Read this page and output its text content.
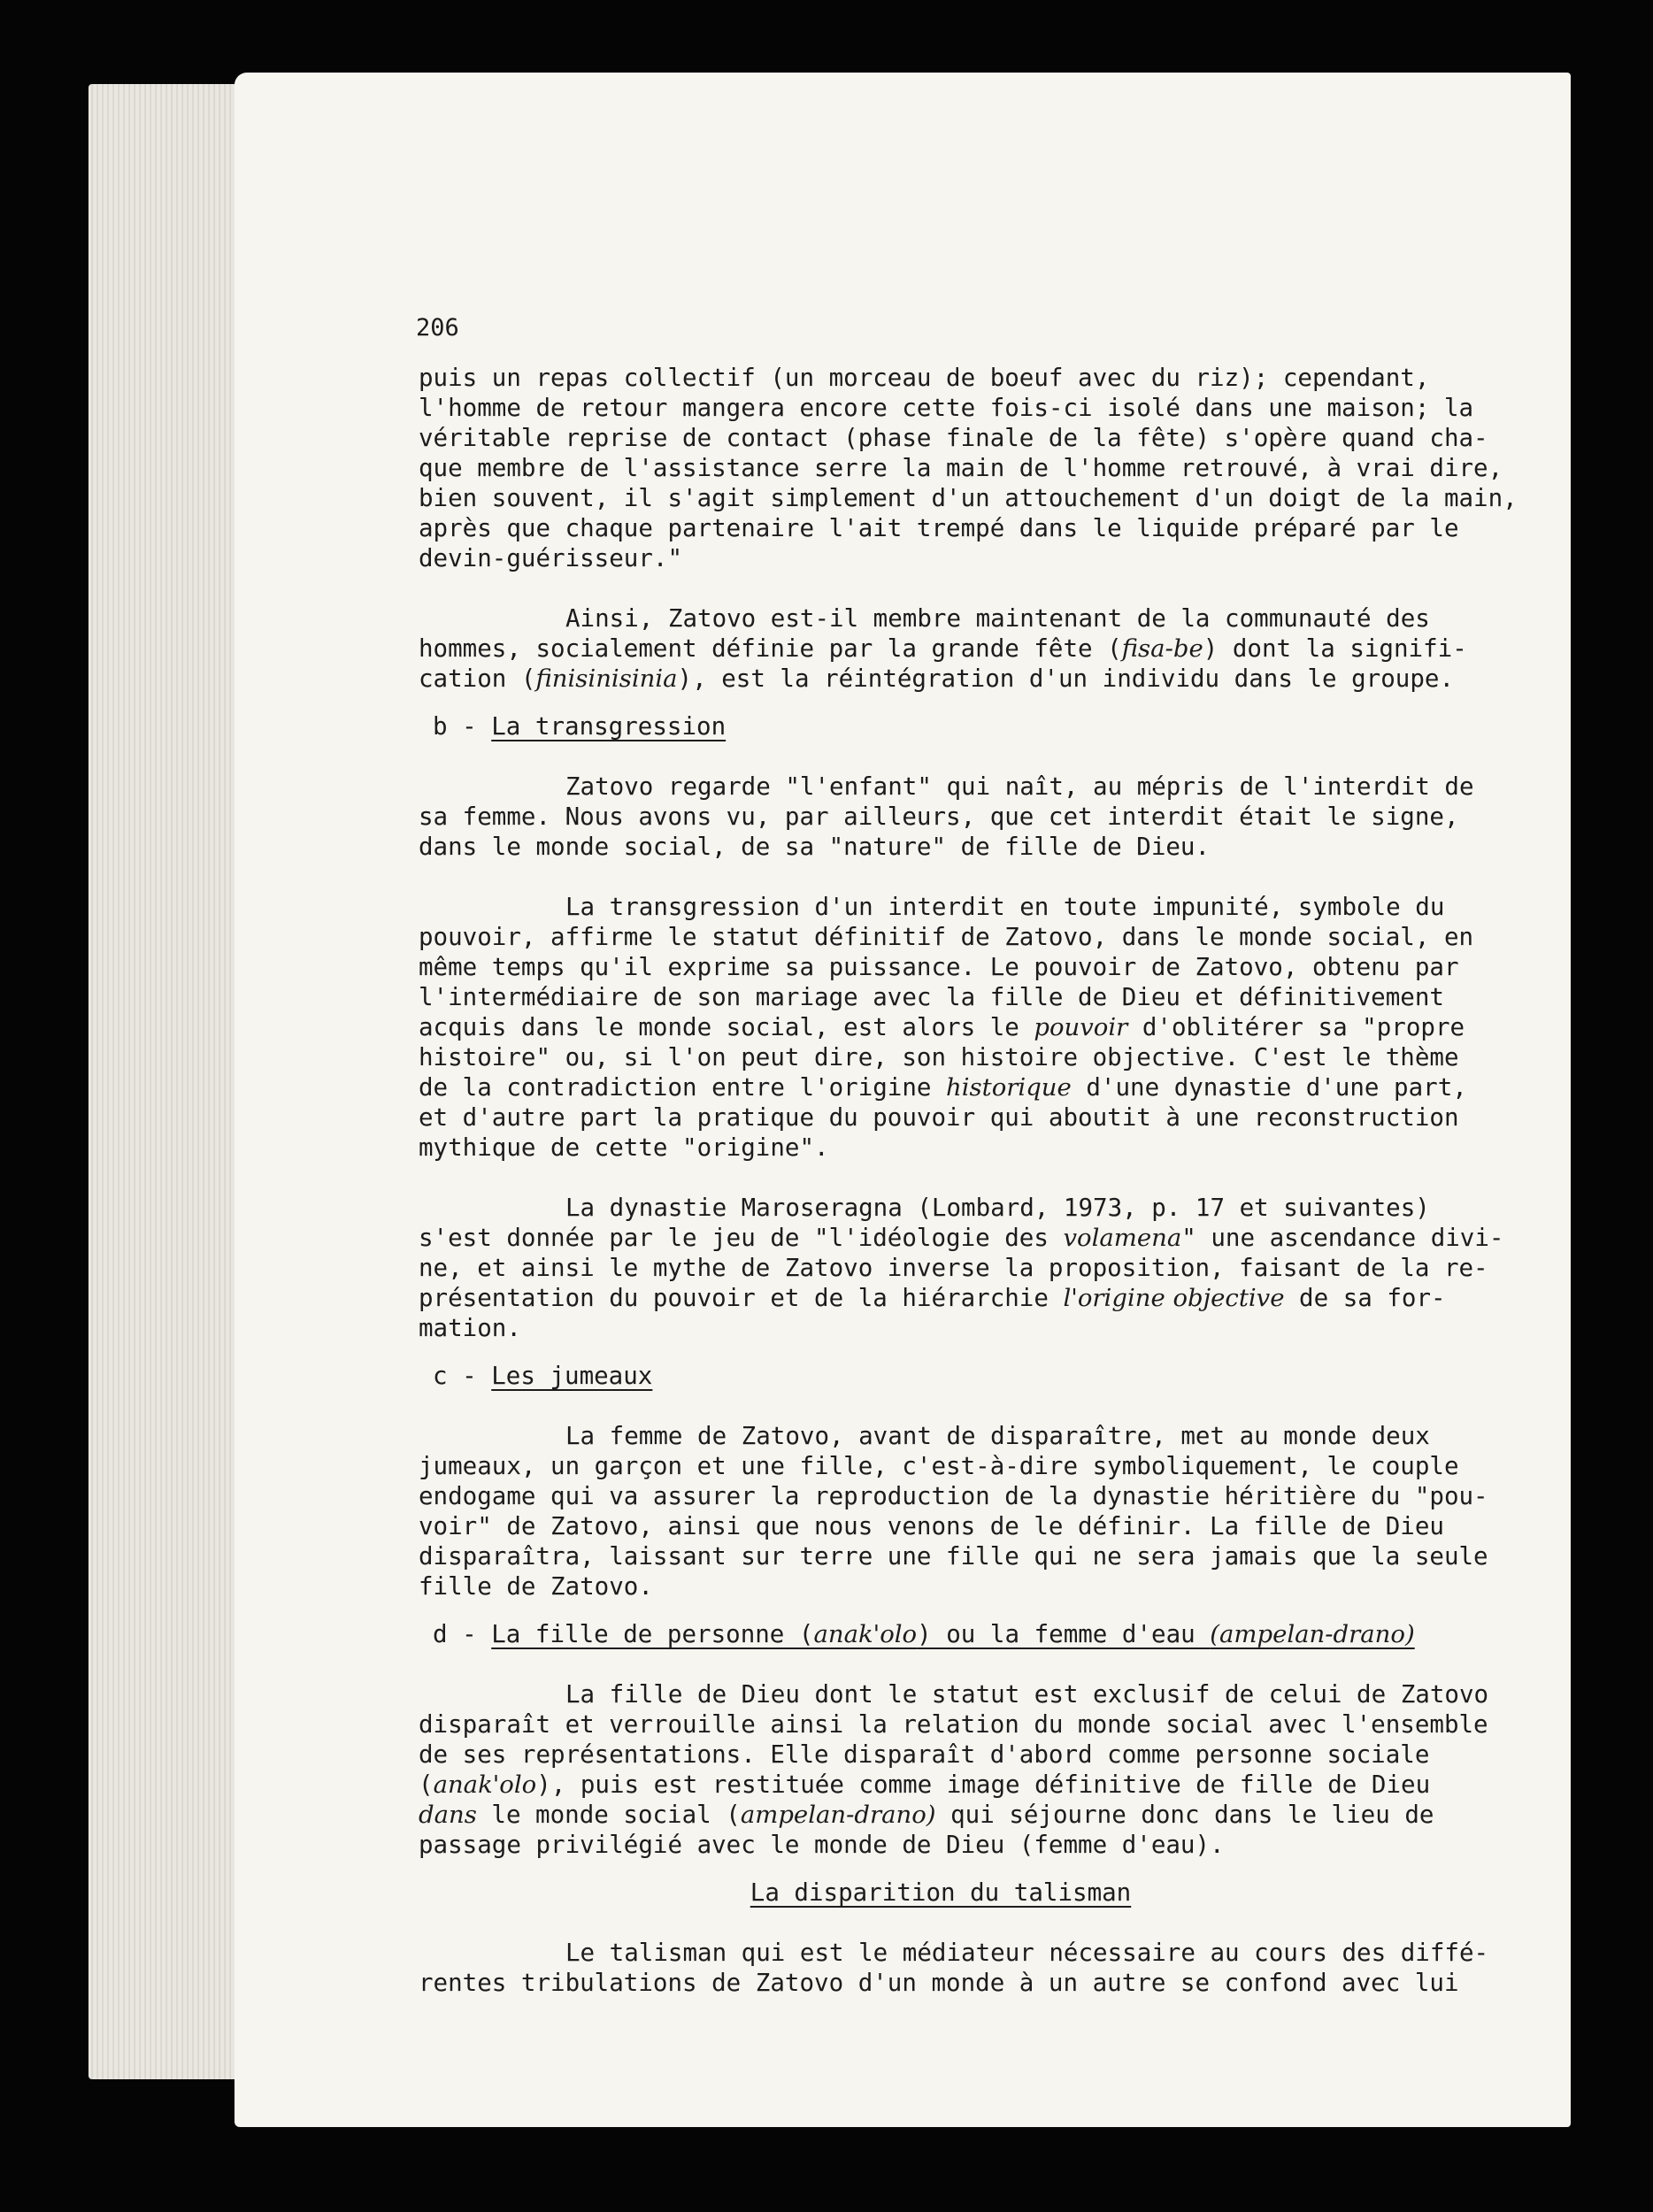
206
puis un repas collectif (un morceau de boeuf avec du riz); cependant,
l'homme de retour mangera encore cette fois-ci isolé dans une maison; la
véritable reprise de contact (phase finale de la fête) s'opère quand cha-
que membre de l'assistance serre la main de l'homme retrouvé, à vrai dire,
bien souvent, il s'agit simplement d'un attouchement d'un doigt de la main,
après que chaque partenaire l'ait trempé dans le liquide préparé par le
devin-guérisseur."
Ainsi, Zatovo est-il membre maintenant de la communauté des
hommes, socialement définie par la grande fête (fisa-be) dont la signifi-
cation (finisinisinia), est la réintégration d'un individu dans le groupe.
b - La transgression
Zatovo regarde "l'enfant" qui naît, au mépris de l'interdit de
sa femme. Nous avons vu, par ailleurs, que cet interdit était le signe,
dans le monde social, de sa "nature" de fille de Dieu.
La transgression d'un interdit en toute impunité, symbole du
pouvoir, affirme le statut définitif de Zatovo, dans le monde social, en
même temps qu'il exprime sa puissance. Le pouvoir de Zatovo, obtenu par
l'intermédiaire de son mariage avec la fille de Dieu et définitivement
acquis dans le monde social, est alors le pouvoir d'oblitérer sa "propre
histoire" ou, si l'on peut dire, son histoire objective. C'est le thème
de la contradiction entre l'origine historique d'une dynastie d'une part,
et d'autre part la pratique du pouvoir qui aboutit à une reconstruction
mythique de cette "origine".
La dynastie Maroseragna (Lombard, 1973, p. 17 et suivantes)
s'est donnée par le jeu de "l'idéologie des volamena" une ascendance divi-
ne, et ainsi le mythe de Zatovo inverse la proposition, faisant de la re-
présentation du pouvoir et de la hiérarchie l'origine objective de sa for-
mation.
c - Les jumeaux
La femme de Zatovo, avant de disparaître, met au monde deux
jumeaux, un garçon et une fille, c'est-à-dire symboliquement, le couple
endogame qui va assurer la reproduction de la dynastie héritière du "pou-
voir" de Zatovo, ainsi que nous venons de le définir. La fille de Dieu
disparaîtra, laissant sur terre une fille qui ne sera jamais que la seule
fille de Zatovo.
d - La fille de personne (anak'olo) ou la femme d'eau (ampelan-drano)
La fille de Dieu dont le statut est exclusif de celui de Zatovo
disparaît et verrouille ainsi la relation du monde social avec l'ensemble
de ses représentations. Elle disparaît d'abord comme personne sociale
(anak'olo), puis est restituée comme image définitive de fille de Dieu
dans le monde social (ampelan-drano) qui séjourne donc dans le lieu de
passage privilégié avec le monde de Dieu (femme d'eau).
La disparition du talisman
Le talisman qui est le médiateur nécessaire au cours des diffé-
rentes tribulations de Zatovo d'un monde à un autre se confond avec lui
